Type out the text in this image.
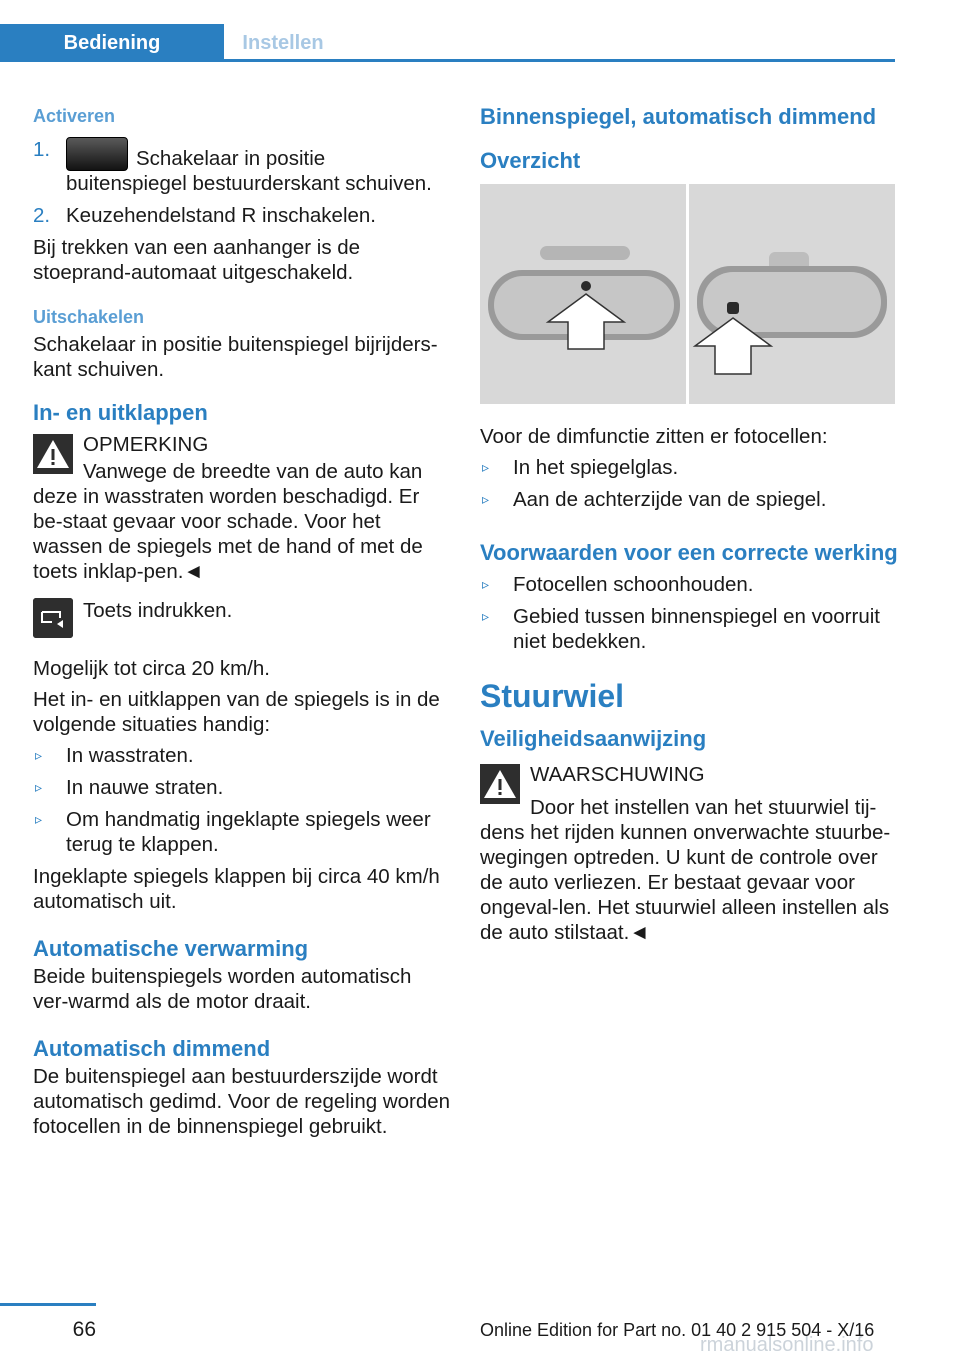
Bediening	Instellen
Activeren
1.	Schakelaar in positie buitenspiegel bestuurderskant schuiven.
2. Keuzehendelstand R inschakelen.

Bij trekken van een aanhanger is de stoeprand-automaat uitgeschakeld.

Uitschakelen

Schakelaar in positie buitenspiegel bijrijders-kant schuiven.

In- en uitklappen

OPMERKING

Vanwege de breedte van de auto kan deze in wasstraten worden beschadigd. Er be-staat gevaar voor schade. Voor het wassen de spiegels met de hand of met de toets inklap-pen.◄

Toets indrukken.

Mogelijk tot circa 20 km/h.

Het in- en uitklappen van de spiegels is in de volgende situaties handig:

▹ In wasstraten.
▹ In nauwe straten.
▹ Om handmatig ingeklapte spiegels weer terug te klappen.

Ingeklapte spiegels klappen bij circa 40 km/h automatisch uit.

Automatische verwarming

Beide buitenspiegels worden automatisch ver-warmd als de motor draait.

Automatisch dimmend

De buitenspiegel aan bestuurderszijde wordt automatisch gedimd. Voor de regeling worden fotocellen in de binnenspiegel gebruikt.

Binnenspiegel, automatisch dimmend
Overzicht

Voor de dimfunctie zitten er fotocellen:

▹ In het spiegelglas.
▹ Aan de achterzijde van de spiegel.
Voorwaarden voor een correcte werking
▹ Fotocellen schoonhouden.
▹ Gebied tussen binnenspiegel en voorruit niet bedekken.
Stuurwiel
Veiligheidsaanwijzing

WAARSCHUWING

Door het instellen van het stuurwiel tij-dens het rijden kunnen onverwachte stuurbe-wegingen optreden. U kunt de controle over de auto verliezen. Er bestaat gevaar voor ongeval-len. Het stuurwiel alleen instellen als de auto stilstaat.◄

66	Online Edition for Part no. 01 40 2 915 504 - X/16
rmanualsonline.info
